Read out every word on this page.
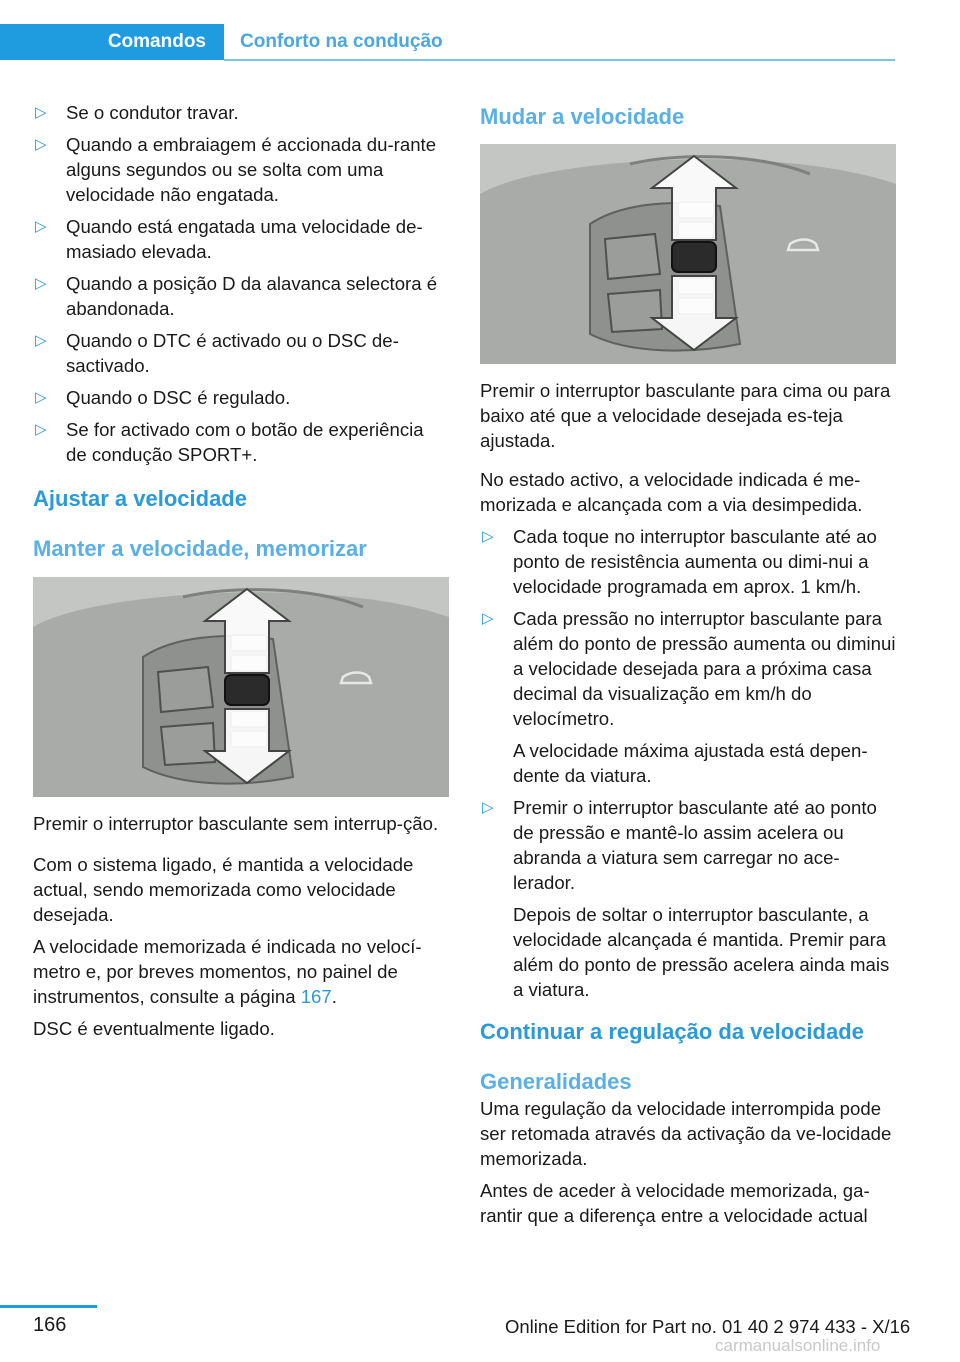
Comandos	Conforto na condução
▷ Se o condutor travar.
▷ Quando a embraiagem é accionada du-rante alguns segundos ou se solta com uma velocidade não engatada.
▷ Quando está engatada uma velocidade de-masiado elevada.
▷ Quando a posição D da alavanca selectora é abandonada.
▷ Quando o DTC é activado ou o DSC de-sactivado.
▷ Quando o DSC é regulado.
▷ Se for activado com o botão de experiência de condução SPORT+.
Ajustar a velocidade
Manter a velocidade, memorizar

Premir o interruptor basculante sem interrup-ção.

Com o sistema ligado, é mantida a velocidade actual, sendo memorizada como velocidade desejada.

A velocidade memorizada é indicada no velocí-metro e, por breves momentos, no painel de instrumentos, consulte a página 167.

DSC é eventualmente ligado.

Mudar a velocidade

Premir o interruptor basculante para cima ou para baixo até que a velocidade desejada es-teja ajustada.

No estado activo, a velocidade indicada é me-morizada e alcançada com a via desimpedida.

▷ Cada toque no interruptor basculante até ao ponto de resistência aumenta ou dimi-nui a velocidade programada em aprox. 1 km/h.
▷ Cada pressão no interruptor basculante para além do ponto de pressão aumenta ou diminui a velocidade desejada para a próxima casa decimal da visualização em km/h do velocímetro.

A velocidade máxima ajustada está depen-dente da viatura.

▷ Premir o interruptor basculante até ao ponto de pressão e mantê-lo assim acelera ou abranda a viatura sem carregar no ace-lerador.

Depois de soltar o interruptor basculante, a velocidade alcançada é mantida. Premir para além do ponto de pressão acelera ainda mais a viatura.

Continuar a regulação da velocidade
Generalidades

Uma regulação da velocidade interrompida pode ser retomada através da activação da ve-locidade memorizada.

Antes de aceder à velocidade memorizada, ga-rantir que a diferença entre a velocidade actual

166	Online Edition for Part no. 01 40 2 974 433 - X/16
carmanualsonline.info
